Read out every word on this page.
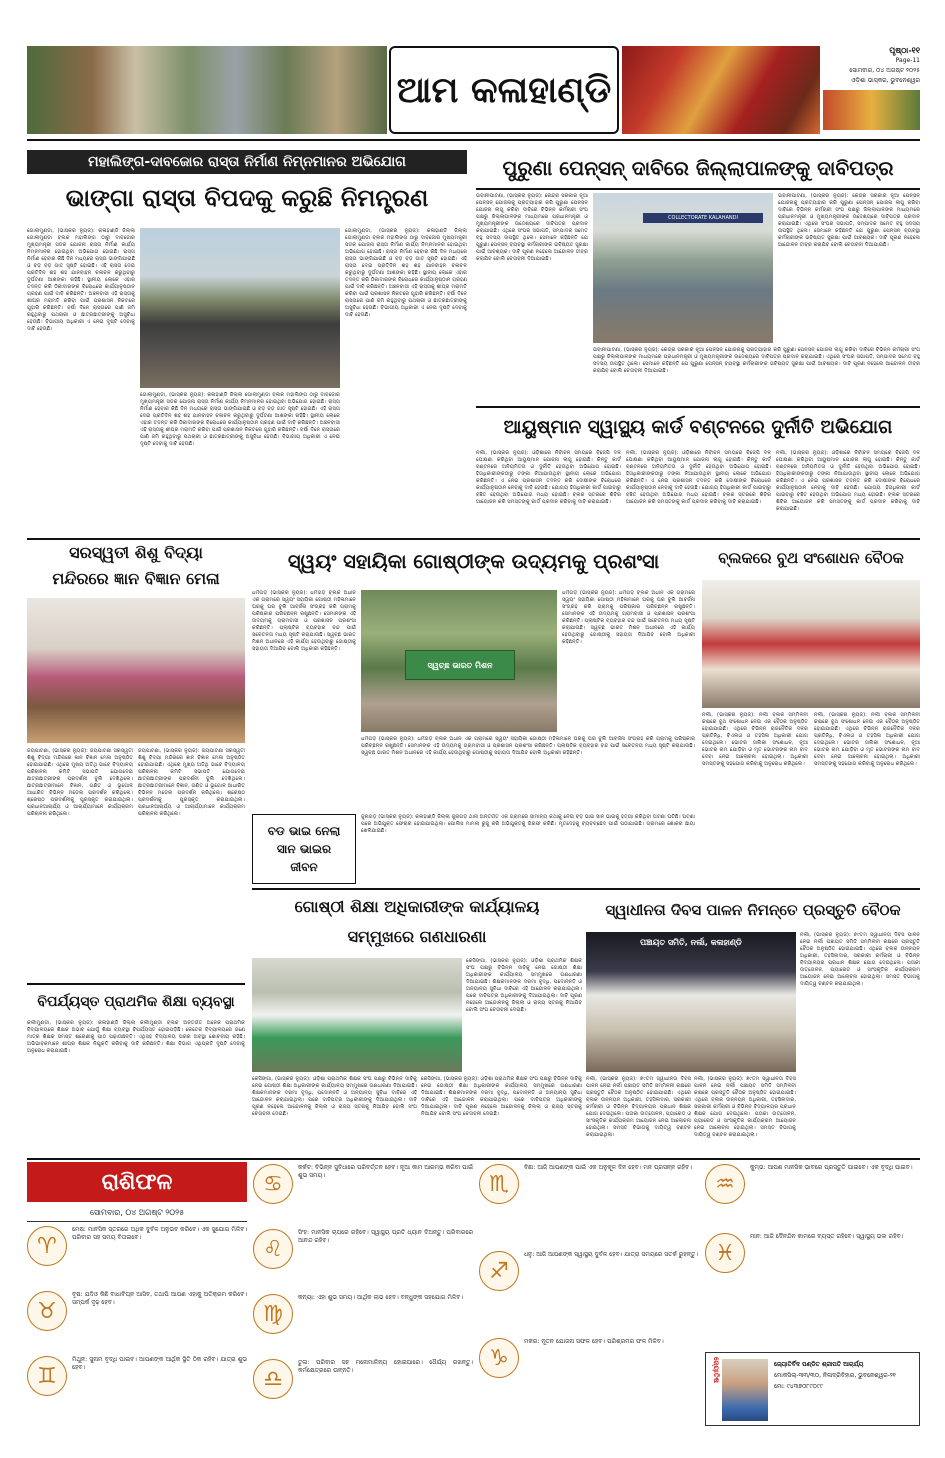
ଆମ କଳାହାଣ୍ଡି
ପୃଷ୍ଠା-୧୧
Page-11
ସୋମବାର, ୦୪ ଅଗଷ୍ଟ ୨୦୨୫
ଓଡ଼ିଶା ଭାସ୍କର, ଭୁବନେଶ୍ୱର
ମହାଲିଙ୍ଗ-ଦାବଜୋର ରାସ୍ତା ନିର୍ମାଣ ନିମ୍ନମାନର ଅଭିଯୋଗ
ଭାଙ୍ଗା ରାସ୍ତା ବିପଦକୁ କରୁଛି ନିମନ୍ତ୍ରଣ
ଗୋଲାମୁଣ୍ଡା, (ଭାସ୍କର ନ୍ୟୁଜ): କଳାହାଣ୍ଡି ଜିଲ୍ଲା ଗୋଲାମୁଣ୍ଡା ବ୍ଲକ ମହାଲିଙ୍ଗ ଠାରୁ ଦାବଜୋର ମୁଖ୍ୟମନ୍ତ୍ରୀ ସଡକ ଯୋଜନା ରାସ୍ତା ନିର୍ମାଣ କାର୍ଯ୍ୟ ନିମ୍ନମାନର ହୋଇଥିବା ଅଭିଯୋଗ ହୋଇଛି। ରାସ୍ତା ନିର୍ମାଣ ହେବାର କିଛି ଦିନ ମଧ୍ୟରେ ରାସ୍ତା ଭାଙ୍ଗିଯାଇଛି ଓ ବଡ଼ ବଡ଼ ଗାତ ସୃଷ୍ଟି ହୋଇଛି। ଏହି ରାସ୍ତା ଦେଇ ପ୍ରତିଦିନ ଶହ ଶହ ଯାନବାହନ ଚଳାଚଳ କରୁଥିବାରୁ ଦୁର୍ଘଟଣା ଆଶଙ୍କା ରହିଛି। ସ୍ଥାନୀୟ ଲୋକେ ଏହାର ତଦନ୍ତ କରି ଠିକାଦାରଙ୍କ ବିରୋଧରେ କାର୍ଯ୍ୟାନୁଷ୍ଠାନ ଗ୍ରହଣ ପାଇଁ ଦାବି କରିଛନ୍ତି। ଅଞ୍ଚଳବାସୀ ଏହି ରାସ୍ତାକୁ ଶୀଘ୍ର ମରାମତି କରିବା ପାଇଁ ପ୍ରଶାସନ ନିକଟରେ ଗୁହାରି କରିଛନ୍ତି। ବର୍ଷା ଦିନେ ରାସ୍ତାରେ ପାଣି ଜମି ରହୁଥିବାରୁ ପଥଚାରୀ ଓ ଛାତ୍ରଛାତ୍ରୀଙ୍କୁ ଅସୁବିଧା ହେଉଛି। ବିଭାଗୀୟ ଅଧିକାରୀ ଏ ନେଇ ଦୃଷ୍ଟି ଦେବାକୁ ଦାବି ହେଉଛି।
ଗୋଲାମୁଣ୍ଡା, (ଭାସ୍କର ନ୍ୟୁଜ): କଳାହାଣ୍ଡି ଜିଲ୍ଲା ଗୋଲାମୁଣ୍ଡା ବ୍ଲକ ମହାଲିଙ୍ଗ ଠାରୁ ଦାବଜୋର ମୁଖ୍ୟମନ୍ତ୍ରୀ ସଡକ ଯୋଜନା ରାସ୍ତା ନିର୍ମାଣ କାର୍ଯ୍ୟ ନିମ୍ନମାନର ହୋଇଥିବା ଅଭିଯୋଗ ହୋଇଛି। ରାସ୍ତା ନିର୍ମାଣ ହେବାର କିଛି ଦିନ ମଧ୍ୟରେ ରାସ୍ତା ଭାଙ୍ଗିଯାଇଛି ଓ ବଡ଼ ବଡ଼ ଗାତ ସୃଷ୍ଟି ହୋଇଛି। ଏହି ରାସ୍ତା ଦେଇ ପ୍ରତିଦିନ ଶହ ଶହ ଯାନବାହନ ଚଳାଚଳ କରୁଥିବାରୁ ଦୁର୍ଘଟଣା ଆଶଙ୍କା ରହିଛି। ସ୍ଥାନୀୟ ଲୋକେ ଏହାର ତଦନ୍ତ କରି ଠିକାଦାରଙ୍କ ବିରୋଧରେ କାର୍ଯ୍ୟାନୁଷ୍ଠାନ ଗ୍ରହଣ ପାଇଁ ଦାବି କରିଛନ୍ତି। ଅଞ୍ଚଳବାସୀ ଏହି ରାସ୍ତାକୁ ଶୀଘ୍ର ମରାମତି କରିବା ପାଇଁ ପ୍ରଶାସନ ନିକଟରେ ଗୁହାରି କରିଛନ୍ତି। ବର୍ଷା ଦିନେ ରାସ୍ତାରେ ପାଣି ଜମି ରହୁଥିବାରୁ ପଥଚାରୀ ଓ ଛାତ୍ରଛାତ୍ରୀଙ୍କୁ ଅସୁବିଧା ହେଉଛି। ବିଭାଗୀୟ ଅଧିକାରୀ ଏ ନେଇ ଦୃଷ୍ଟି ଦେବାକୁ ଦାବି ହେଉଛି।
ଗୋଲାମୁଣ୍ଡା, (ଭାସ୍କର ନ୍ୟୁଜ): କଳାହାଣ୍ଡି ଜିଲ୍ଲା ଗୋଲାମୁଣ୍ଡା ବ୍ଲକ ମହାଲିଙ୍ଗ ଠାରୁ ଦାବଜୋର ମୁଖ୍ୟମନ୍ତ୍ରୀ ସଡକ ଯୋଜନା ରାସ୍ତା ନିର୍ମାଣ କାର୍ଯ୍ୟ ନିମ୍ନମାନର ହୋଇଥିବା ଅଭିଯୋଗ ହୋଇଛି। ରାସ୍ତା ନିର୍ମାଣ ହେବାର କିଛି ଦିନ ମଧ୍ୟରେ ରାସ୍ତା ଭାଙ୍ଗିଯାଇଛି ଓ ବଡ଼ ବଡ଼ ଗାତ ସୃଷ୍ଟି ହୋଇଛି। ଏହି ରାସ୍ତା ଦେଇ ପ୍ରତିଦିନ ଶହ ଶହ ଯାନବାହନ ଚଳାଚଳ କରୁଥିବାରୁ ଦୁର୍ଘଟଣା ଆଶଙ୍କା ରହିଛି। ସ୍ଥାନୀୟ ଲୋକେ ଏହାର ତଦନ୍ତ କରି ଠିକାଦାରଙ୍କ ବିରୋଧରେ କାର୍ଯ୍ୟାନୁଷ୍ଠାନ ଗ୍ରହଣ ପାଇଁ ଦାବି କରିଛନ୍ତି। ଅଞ୍ଚଳବାସୀ ଏହି ରାସ୍ତାକୁ ଶୀଘ୍ର ମରାମତି କରିବା ପାଇଁ ପ୍ରଶାସନ ନିକଟରେ ଗୁହାରି କରିଛନ୍ତି। ବର୍ଷା ଦିନେ ରାସ୍ତାରେ ପାଣି ଜମି ରହୁଥିବାରୁ ପଥଚାରୀ ଓ ଛାତ୍ରଛାତ୍ରୀଙ୍କୁ ଅସୁବିଧା ହେଉଛି। ବିଭାଗୀୟ ଅଧିକାରୀ ଏ ନେଇ ଦୃଷ୍ଟି ଦେବାକୁ ଦାବି ହେଉଛି।
ପୁରୁଣା ପେନ୍ସନ୍ ଦାବିରେ ଜିଲ୍ଲାପାଳଙ୍କୁ ଦାବିପତ୍ର
COLLECTORATE KALAHANDI
ଭବାନୀପାଟଣା, (ଭାସ୍କର ନ୍ୟୁଜ): କେନ୍ଦ୍ର ସରକାର ନୂଆ ପେନ୍ସନ୍ ଯୋଜନାକୁ ପ୍ରତ୍ୟାହାର କରି ପୁରୁଣା ପେନ୍ସନ୍ ଯୋଜନା ଲାଗୁ କରିବା ଦାବିରେ ବିଭିନ୍ନ କର୍ମଚାରୀ ସଂଘ ପକ୍ଷରୁ ଜିଲ୍ଲାପାଳଙ୍କ ମାଧ୍ୟମରେ ପ୍ରଧାନମନ୍ତ୍ରୀ ଓ ମୁଖ୍ୟମନ୍ତ୍ରୀଙ୍କ ଉଦ୍ଦେଶ୍ୟରେ ଦାବିପତ୍ର ପ୍ରଦାନ କରାଯାଇଛି। ଏଥିରେ ସଂଘର ସଭାପତି, ସମ୍ପାଦକ ସମେତ ବହୁ ସଦସ୍ୟ ଉପସ୍ଥିତ ଥିଲେ। ସେମାନେ କହିଛନ୍ତି ଯେ ପୁରୁଣା ପେନ୍ସନ୍ ବ୍ୟବସ୍ଥା କର୍ମଚାରୀଙ୍କ ଭବିଷ୍ୟତ ସୁରକ୍ଷା ପାଇଁ ଆବଶ୍ୟକ। ଦାବି ପୂରଣ ନହେଲେ ଆନ୍ଦୋଳନ ତୀବ୍ର କରାଯିବ ବୋଲି ଚେତାବନୀ ଦିଆଯାଇଛି।
ଭବାନୀପାଟଣା, (ଭାସ୍କର ନ୍ୟୁଜ): କେନ୍ଦ୍ର ସରକାର ନୂଆ ପେନ୍ସନ୍ ଯୋଜନାକୁ ପ୍ରତ୍ୟାହାର କରି ପୁରୁଣା ପେନ୍ସନ୍ ଯୋଜନା ଲାଗୁ କରିବା ଦାବିରେ ବିଭିନ୍ନ କର୍ମଚାରୀ ସଂଘ ପକ୍ଷରୁ ଜିଲ୍ଲାପାଳଙ୍କ ମାଧ୍ୟମରେ ପ୍ରଧାନମନ୍ତ୍ରୀ ଓ ମୁଖ୍ୟମନ୍ତ୍ରୀଙ୍କ ଉଦ୍ଦେଶ୍ୟରେ ଦାବିପତ୍ର ପ୍ରଦାନ କରାଯାଇଛି। ଏଥିରେ ସଂଘର ସଭାପତି, ସମ୍ପାଦକ ସମେତ ବହୁ ସଦସ୍ୟ ଉପସ୍ଥିତ ଥିଲେ। ସେମାନେ କହିଛନ୍ତି ଯେ ପୁରୁଣା ପେନ୍ସନ୍ ବ୍ୟବସ୍ଥା କର୍ମଚାରୀଙ୍କ ଭବିଷ୍ୟତ ସୁରକ୍ଷା ପାଇଁ ଆବଶ୍ୟକ। ଦାବି ପୂରଣ ନହେଲେ ଆନ୍ଦୋଳନ ତୀବ୍ର କରାଯିବ ବୋଲି ଚେତାବନୀ ଦିଆଯାଇଛି।
ଭବାନୀପାଟଣା, (ଭାସ୍କର ନ୍ୟୁଜ): କେନ୍ଦ୍ର ସରକାର ନୂଆ ପେନ୍ସନ୍ ଯୋଜନାକୁ ପ୍ରତ୍ୟାହାର କରି ପୁରୁଣା ପେନ୍ସନ୍ ଯୋଜନା ଲାଗୁ କରିବା ଦାବିରେ ବିଭିନ୍ନ କର୍ମଚାରୀ ସଂଘ ପକ୍ଷରୁ ଜିଲ୍ଲାପାଳଙ୍କ ମାଧ୍ୟମରେ ପ୍ରଧାନମନ୍ତ୍ରୀ ଓ ମୁଖ୍ୟମନ୍ତ୍ରୀଙ୍କ ଉଦ୍ଦେଶ୍ୟରେ ଦାବିପତ୍ର ପ୍ରଦାନ କରାଯାଇଛି। ଏଥିରେ ସଂଘର ସଭାପତି, ସମ୍ପାଦକ ସମେତ ବହୁ ସଦସ୍ୟ ଉପସ୍ଥିତ ଥିଲେ। ସେମାନେ କହିଛନ୍ତି ଯେ ପୁରୁଣା ପେନ୍ସନ୍ ବ୍ୟବସ୍ଥା କର୍ମଚାରୀଙ୍କ ଭବିଷ୍ୟତ ସୁରକ୍ଷା ପାଇଁ ଆବଶ୍ୟକ। ଦାବି ପୂରଣ ନହେଲେ ଆନ୍ଦୋଳନ ତୀବ୍ର କରାଯିବ ବୋଲି ଚେତାବନୀ ଦିଆଯାଇଛି।
ଆୟୁଷ୍ମାନ ସ୍ୱାସ୍ଥ୍ୟ କାର୍ଡ ବଣ୍ଟନରେ ଦୁର୍ନୀତି ଅଭିଯୋଗ
ନର୍ଲା, (ଭାସ୍କର ନ୍ୟୁଜ): ଓଡ଼ିଶାରେ ନିର୍ବାଚନ ସମୟରେ ବିଜେପି ଦଳ ଘୋଷଣା କରିଥିବା ଆୟୁଷ୍ମାନ ଯୋଜନା ଲାଗୁ ହୋଇଛି। କିନ୍ତୁ କାର୍ଡ ବଣ୍ଟନରେ ଅନିୟମିତତା ଓ ଦୁର୍ନୀତି ହେଉଥିବା ଅଭିଯୋଗ ହୋଇଛି। ହିତାଧିକାରୀଙ୍କଠାରୁ ଟଙ୍କା ନିଆଯାଉଥିବା ସ୍ଥାନୀୟ ଲୋକେ ଅଭିଯୋଗ କରିଛନ୍ତି। ଏ ନେଇ ପ୍ରଶାସନ ତଦନ୍ତ କରି ଦୋଷୀଙ୍କ ବିରୋଧରେ କାର୍ଯ୍ୟାନୁଷ୍ଠାନ ନେବାକୁ ଦାବି ହେଉଛି। ଯୋଗ୍ୟ ହିତାଧିକାରୀ କାର୍ଡ ପାଇବାରୁ ବଞ୍ଚିତ ହେଉଥିବା ଅଭିଯୋଗ ମଧ୍ୟ ହୋଇଛି। ବ୍ଲକ ସ୍ତରରେ ଶିବିର ଆୟୋଜନ କରି ସମସ୍ତଙ୍କୁ କାର୍ଡ ପ୍ରଦାନ କରିବାକୁ ଦାବି କରାଯାଇଛି।
ନର୍ଲା, (ଭାସ୍କର ନ୍ୟୁଜ): ଓଡ଼ିଶାରେ ନିର୍ବାଚନ ସମୟରେ ବିଜେପି ଦଳ ଘୋଷଣା କରିଥିବା ଆୟୁଷ୍ମାନ ଯୋଜନା ଲାଗୁ ହୋଇଛି। କିନ୍ତୁ କାର୍ଡ ବଣ୍ଟନରେ ଅନିୟମିତତା ଓ ଦୁର୍ନୀତି ହେଉଥିବା ଅଭିଯୋଗ ହୋଇଛି। ହିତାଧିକାରୀଙ୍କଠାରୁ ଟଙ୍କା ନିଆଯାଉଥିବା ସ୍ଥାନୀୟ ଲୋକେ ଅଭିଯୋଗ କରିଛନ୍ତି। ଏ ନେଇ ପ୍ରଶାସନ ତଦନ୍ତ କରି ଦୋଷୀଙ୍କ ବିରୋଧରେ କାର୍ଯ୍ୟାନୁଷ୍ଠାନ ନେବାକୁ ଦାବି ହେଉଛି। ଯୋଗ୍ୟ ହିତାଧିକାରୀ କାର୍ଡ ପାଇବାରୁ ବଞ୍ଚିତ ହେଉଥିବା ଅଭିଯୋଗ ମଧ୍ୟ ହୋଇଛି। ବ୍ଲକ ସ୍ତରରେ ଶିବିର ଆୟୋଜନ କରି ସମସ୍ତଙ୍କୁ କାର୍ଡ ପ୍ରଦାନ କରିବାକୁ ଦାବି କରାଯାଇଛି।
ନର୍ଲା, (ଭାସ୍କର ନ୍ୟୁଜ): ଓଡ଼ିଶାରେ ନିର୍ବାଚନ ସମୟରେ ବିଜେପି ଦଳ ଘୋଷଣା କରିଥିବା ଆୟୁଷ୍ମାନ ଯୋଜନା ଲାଗୁ ହୋଇଛି। କିନ୍ତୁ କାର୍ଡ ବଣ୍ଟନରେ ଅନିୟମିତତା ଓ ଦୁର୍ନୀତି ହେଉଥିବା ଅଭିଯୋଗ ହୋଇଛି। ହିତାଧିକାରୀଙ୍କଠାରୁ ଟଙ୍କା ନିଆଯାଉଥିବା ସ୍ଥାନୀୟ ଲୋକେ ଅଭିଯୋଗ କରିଛନ୍ତି। ଏ ନେଇ ପ୍ରଶାସନ ତଦନ୍ତ କରି ଦୋଷୀଙ୍କ ବିରୋଧରେ କାର୍ଯ୍ୟାନୁଷ୍ଠାନ ନେବାକୁ ଦାବି ହେଉଛି। ଯୋଗ୍ୟ ହିତାଧିକାରୀ କାର୍ଡ ପାଇବାରୁ ବଞ୍ଚିତ ହେଉଥିବା ଅଭିଯୋଗ ମଧ୍ୟ ହୋଇଛି। ବ୍ଲକ ସ୍ତରରେ ଶିବିର ଆୟୋଜନ କରି ସମସ୍ତଙ୍କୁ କାର୍ଡ ପ୍ରଦାନ କରିବାକୁ ଦାବି କରାଯାଇଛି।
ସରସ୍ୱତୀ ଶିଶୁ ବିଦ୍ୟା
ମନ୍ଦିରରେ ଜ୍ଞାନ ବିଜ୍ଞାନ ମେଳା
ଜୟପାଟଣା, (ଭାସ୍କର ନ୍ୟୁଜ): ଜୟପାଟଣା ସରସ୍ୱତୀ ଶିଶୁ ବିଦ୍ୟା ମନ୍ଦିରରେ ଜ୍ଞାନ ବିଜ୍ଞାନ ମେଳା ଅନୁଷ୍ଠିତ ହୋଇଯାଇଛି। ଏଥିରେ ମୁଖ୍ୟ ଅତିଥି ଭାବେ ବିଦ୍ୟାଳୟ ପରିଚାଳନା କମିଟି ସଭାପତି ଯୋଗଦେଇ ଛାତ୍ରଛାତ୍ରୀଙ୍କ ପ୍ରଦର୍ଶନୀ ବୁଲି ଦେଖିଥିଲେ। ଛାତ୍ରଛାତ୍ରୀମାନେ ବିଜ୍ଞାନ, ଗଣିତ ଓ ଭୂଗୋଳ ଆଧାରିତ ବିଭିନ୍ନ ମଡେଲ ପ୍ରଦର୍ଶନ କରିଥିଲେ। ଶ୍ରେଷ୍ଠ ପ୍ରଦର୍ଶନୀକୁ ପୁରସ୍କୃତ କରାଯାଇଥିଲା। ପ୍ରଧାନଆଚାର୍ଯ୍ୟ ଓ ଆଚାର୍ଯ୍ୟାମାନେ କାର୍ଯ୍ୟକ୍ରମ ପରିଚାଳନା କରିଥିଲେ।
ଜୟପାଟଣା, (ଭାସ୍କର ନ୍ୟୁଜ): ଜୟପାଟଣା ସରସ୍ୱତୀ ଶିଶୁ ବିଦ୍ୟା ମନ୍ଦିରରେ ଜ୍ଞାନ ବିଜ୍ଞାନ ମେଳା ଅନୁଷ୍ଠିତ ହୋଇଯାଇଛି। ଏଥିରେ ମୁଖ୍ୟ ଅତିଥି ଭାବେ ବିଦ୍ୟାଳୟ ପରିଚାଳନା କମିଟି ସଭାପତି ଯୋଗଦେଇ ଛାତ୍ରଛାତ୍ରୀଙ୍କ ପ୍ରଦର୍ଶନୀ ବୁଲି ଦେଖିଥିଲେ। ଛାତ୍ରଛାତ୍ରୀମାନେ ବିଜ୍ଞାନ, ଗଣିତ ଓ ଭୂଗୋଳ ଆଧାରିତ ବିଭିନ୍ନ ମଡେଲ ପ୍ରଦର୍ଶନ କରିଥିଲେ। ଶ୍ରେଷ୍ଠ ପ୍ରଦର୍ଶନୀକୁ ପୁରସ୍କୃତ କରାଯାଇଥିଲା। ପ୍ରଧାନଆଚାର୍ଯ୍ୟ ଓ ଆଚାର୍ଯ୍ୟାମାନେ କାର୍ଯ୍ୟକ୍ରମ ପରିଚାଳନା କରିଥିଲେ।
ସ୍ୱୟଂ ସହାୟିକା ଗୋଷ୍ଠୀଙ୍କ ଉଦ୍ୟମକୁ ପ୍ରଶଂସା
ଧର୍ମଗଡ଼ (ଭାସ୍କର ନ୍ୟୁଜ): ଧର୍ମଗଡ଼ ବ୍ଲକ ଅଧୀନ ଏକ ଗ୍ରାମରେ ସ୍ୱୟଂ ସହାୟିକା ଗୋଷ୍ଠୀ ମହିଳାମାନେ ଘରକୁ ଘର ବୁଲି ଆବର୍ଜନା ସଂଗ୍ରହ କରି ଗ୍ରାମକୁ ପରିଷ୍କାର ପରିଚ୍ଛନ୍ନ ରଖୁଛନ୍ତି। ସେମାନଙ୍କ ଏହି ଉଦ୍ୟମକୁ ଗ୍ରାମବାସୀ ଓ ପ୍ରଶାସନ ପ୍ରଶଂସା କରିଛନ୍ତି। ପ୍ଲାଷ୍ଟିକ ବ୍ୟବହାର ବନ୍ଦ ପାଇଁ ସଚେତନତା ମଧ୍ୟ ସୃଷ୍ଟି କରାଯାଉଛି। ସ୍ୱଚ୍ଛ ଭାରତ ମିଶନ ଅଧୀନରେ ଏହି କାର୍ଯ୍ୟ ହେଉଥିବାରୁ ଗୋଷ୍ଠୀକୁ ସହାୟତା ଦିଆଯିବ ବୋଲି ଅଧିକାରୀ କହିଛନ୍ତି।
ସ୍ୱଚ୍ଛ ଭାରତ ମିଶନ
ଧର୍ମଗଡ଼ (ଭାସ୍କର ନ୍ୟୁଜ): ଧର୍ମଗଡ଼ ବ୍ଲକ ଅଧୀନ ଏକ ଗ୍ରାମରେ ସ୍ୱୟଂ ସହାୟିକା ଗୋଷ୍ଠୀ ମହିଳାମାନେ ଘରକୁ ଘର ବୁଲି ଆବର୍ଜନା ସଂଗ୍ରହ କରି ଗ୍ରାମକୁ ପରିଷ୍କାର ପରିଚ୍ଛନ୍ନ ରଖୁଛନ୍ତି। ସେମାନଙ୍କ ଏହି ଉଦ୍ୟମକୁ ଗ୍ରାମବାସୀ ଓ ପ୍ରଶାସନ ପ୍ରଶଂସା କରିଛନ୍ତି। ପ୍ଲାଷ୍ଟିକ ବ୍ୟବହାର ବନ୍ଦ ପାଇଁ ସଚେତନତା ମଧ୍ୟ ସୃଷ୍ଟି କରାଯାଉଛି। ସ୍ୱଚ୍ଛ ଭାରତ ମିଶନ ଅଧୀନରେ ଏହି କାର୍ଯ୍ୟ ହେଉଥିବାରୁ ଗୋଷ୍ଠୀକୁ ସହାୟତା ଦିଆଯିବ ବୋଲି ଅଧିକାରୀ କହିଛନ୍ତି।
ଧର୍ମଗଡ଼ (ଭାସ୍କର ନ୍ୟୁଜ): ଧର୍ମଗଡ଼ ବ୍ଲକ ଅଧୀନ ଏକ ଗ୍ରାମରେ ସ୍ୱୟଂ ସହାୟିକା ଗୋଷ୍ଠୀ ମହିଳାମାନେ ଘରକୁ ଘର ବୁଲି ଆବର୍ଜନା ସଂଗ୍ରହ କରି ଗ୍ରାମକୁ ପରିଷ୍କାର ପରିଚ୍ଛନ୍ନ ରଖୁଛନ୍ତି। ସେମାନଙ୍କ ଏହି ଉଦ୍ୟମକୁ ଗ୍ରାମବାସୀ ଓ ପ୍ରଶାସନ ପ୍ରଶଂସା କରିଛନ୍ତି। ପ୍ଲାଷ୍ଟିକ ବ୍ୟବହାର ବନ୍ଦ ପାଇଁ ସଚେତନତା ମଧ୍ୟ ସୃଷ୍ଟି କରାଯାଉଛି। ସ୍ୱଚ୍ଛ ଭାରତ ମିଶନ ଅଧୀନରେ ଏହି କାର୍ଯ୍ୟ ହେଉଥିବାରୁ ଗୋଷ୍ଠୀକୁ ସହାୟତା ଦିଆଯିବ ବୋଲି ଅଧିକାରୀ କହିଛନ୍ତି।
ବ୍ଲକରେ ବୁଥ ସଂଶୋଧନ ବୈଠକ
ନର୍ଲା, (ଭାସ୍କର ନ୍ୟୁଜ): ନର୍ଲା ବ୍ଲକ ସମ୍ମିଳନୀ କକ୍ଷରେ ବୁଥ ସଂଶୋଧନ ନେଇ ଏକ ବୈଠକ ଅନୁଷ୍ଠିତ ହୋଇଯାଇଛି। ଏଥିରେ ବିଭିନ୍ନ ରାଜନୈତିକ ଦଳର ପ୍ରତିନିଧି, ବିଏଲଓ ଓ ତହସିଲ ଅଧିକାରୀ ଯୋଗ ଦେଇଥିଲେ। ଭୋଟର ତାଲିକା ସଂଶୋଧନ, ନୂଆ ଭୋଟର ନାମ ଯୋଡ଼ିବା ଓ ମୃତ ଭୋଟରଙ୍କ ନାମ ବାଦ ଦେବା ନେଇ ଆଲୋଚନା ହୋଇଥିଲା। ଅଧିକାରୀ ସମସ୍ତଙ୍କୁ ସହଯୋଗ କରିବାକୁ ଅନୁରୋଧ କରିଥିଲେ।
ନର୍ଲା, (ଭାସ୍କର ନ୍ୟୁଜ): ନର୍ଲା ବ୍ଲକ ସମ୍ମିଳନୀ କକ୍ଷରେ ବୁଥ ସଂଶୋଧନ ନେଇ ଏକ ବୈଠକ ଅନୁଷ୍ଠିତ ହୋଇଯାଇଛି। ଏଥିରେ ବିଭିନ୍ନ ରାଜନୈତିକ ଦଳର ପ୍ରତିନିଧି, ବିଏଲଓ ଓ ତହସିଲ ଅଧିକାରୀ ଯୋଗ ଦେଇଥିଲେ। ଭୋଟର ତାଲିକା ସଂଶୋଧନ, ନୂଆ ଭୋଟର ନାମ ଯୋଡ଼ିବା ଓ ମୃତ ଭୋଟରଙ୍କ ନାମ ବାଦ ଦେବା ନେଇ ଆଲୋଚନା ହୋଇଥିଲା। ଅଧିକାରୀ ସମସ୍ତଙ୍କୁ ସହଯୋଗ କରିବାକୁ ଅନୁରୋଧ କରିଥିଲେ।
ବଡ ଭାଇ ନେଲା
ସାନ ଭାଇର
ଜୀବନ
ଜୁନାଗଡ଼ (ଭାସ୍କର ନ୍ୟୁଜ): କଳାହାଣ୍ଡି ଜିଲ୍ଲା ଜୁନାଗଡ଼ ଥାନା ଅନ୍ତର୍ଗତ ଏକ ଗ୍ରାମରେ ସାମାନ୍ୟ କଥାକୁ ନେଇ ବଡ଼ ଭାଇ ସାନ ଭାଇକୁ ହତ୍ୟା କରିଥିବା ଘଟଣା ଘଟିଛି। ଘଟଣା ପରେ ଅଭିଯୁକ୍ତ ଫେରାର ହୋଇଯାଇଥିଲା। ପୋଲିସ ମାମଲା ରୁଜୁ କରି ଅଭିଯୁକ୍ତକୁ ଗିରଫ କରିଛି। ମୃତଦେହକୁ ବ୍ୟବଚ୍ଛେଦ ପାଇଁ ପଠାଯାଇଛି। ଗ୍ରାମରେ ଶୋକର ଛାୟା ଖେଳିଯାଇଛି।
ଗୋଷ୍ଠୀ ଶିକ୍ଷା ଅଧିକାରୀଙ୍କ କାର୍ଯ୍ୟାଳୟ
ସମ୍ମୁଖରେ ଗଣଧାରଣା
କେସିଙ୍ଗା, (ଭାସ୍କର ନ୍ୟୁଜ): ଓଡ଼ିଶା ପ୍ରାଥମିକ ଶିକ୍ଷକ ସଂଘ ପକ୍ଷରୁ ବିଭିନ୍ନ ଦାବିକୁ ନେଇ ଗୋଷ୍ଠୀ ଶିକ୍ଷା ଅଧିକାରୀଙ୍କ କାର୍ଯ୍ୟାଳୟ ସମ୍ମୁଖରେ ଗଣଧାରଣା ଦିଆଯାଇଛି। ଶିକ୍ଷକମାନଙ୍କ ଦରମା ବୃଦ୍ଧି, ପଦୋନ୍ନତି ଓ ଅନ୍ୟାନ୍ୟ ସୁବିଧା ଦାବିରେ ଏହି ଆନ୍ଦୋଳନ କରାଯାଇଥିଲା। ପରେ ଦାବିପତ୍ର ଅଧିକାରୀଙ୍କୁ ଦିଆଯାଇଥିଲା। ଦାବି ପୂରଣ ନହେଲେ ଆନ୍ଦୋଳନକୁ ଜିଲ୍ଲା ଓ ରାଜ୍ୟ ସ୍ତରକୁ ନିଆଯିବ ବୋଲି ସଂଘ ଚେତାବନୀ ଦେଇଛି।
କେସିଙ୍ଗା, (ଭାସ୍କର ନ୍ୟୁଜ): ଓଡ଼ିଶା ପ୍ରାଥମିକ ଶିକ୍ଷକ ସଂଘ ପକ୍ଷରୁ ବିଭିନ୍ନ ଦାବିକୁ ନେଇ ଗୋଷ୍ଠୀ ଶିକ୍ଷା ଅଧିକାରୀଙ୍କ କାର୍ଯ୍ୟାଳୟ ସମ୍ମୁଖରେ ଗଣଧାରଣା ଦିଆଯାଇଛି। ଶିକ୍ଷକମାନଙ୍କ ଦରମା ବୃଦ୍ଧି, ପଦୋନ୍ନତି ଓ ଅନ୍ୟାନ୍ୟ ସୁବିଧା ଦାବିରେ ଏହି ଆନ୍ଦୋଳନ କରାଯାଇଥିଲା। ପରେ ଦାବିପତ୍ର ଅଧିକାରୀଙ୍କୁ ଦିଆଯାଇଥିଲା। ଦାବି ପୂରଣ ନହେଲେ ଆନ୍ଦୋଳନକୁ ଜିଲ୍ଲା ଓ ରାଜ୍ୟ ସ୍ତରକୁ ନିଆଯିବ ବୋଲି ସଂଘ ଚେତାବନୀ ଦେଇଛି।
କେସିଙ୍ଗା, (ଭାସ୍କର ନ୍ୟୁଜ): ଓଡ଼ିଶା ପ୍ରାଥମିକ ଶିକ୍ଷକ ସଂଘ ପକ୍ଷରୁ ବିଭିନ୍ନ ଦାବିକୁ ନେଇ ଗୋଷ୍ଠୀ ଶିକ୍ଷା ଅଧିକାରୀଙ୍କ କାର୍ଯ୍ୟାଳୟ ସମ୍ମୁଖରେ ଗଣଧାରଣା ଦିଆଯାଇଛି। ଶିକ୍ଷକମାନଙ୍କ ଦରମା ବୃଦ୍ଧି, ପଦୋନ୍ନତି ଓ ଅନ୍ୟାନ୍ୟ ସୁବିଧା ଦାବିରେ ଏହି ଆନ୍ଦୋଳନ କରାଯାଇଥିଲା। ପରେ ଦାବିପତ୍ର ଅଧିକାରୀଙ୍କୁ ଦିଆଯାଇଥିଲା। ଦାବି ପୂରଣ ନହେଲେ ଆନ୍ଦୋଳନକୁ ଜିଲ୍ଲା ଓ ରାଜ୍ୟ ସ୍ତରକୁ ନିଆଯିବ ବୋଲି ସଂଘ ଚେତାବନୀ ଦେଇଛି।
ସ୍ୱାଧୀନତା ଦିବସ ପାଳନ ନିମନ୍ତେ ପ୍ରସ୍ତୁତି ବୈଠକ
ପଞ୍ଚାୟତ ସମିତି, ନର୍ଲା, କଳାହାଣ୍ଡି
ନର୍ଲା, (ଭାସ୍କର ନ୍ୟୁଜ): ୭୯ତମ ସ୍ୱାଧୀନତା ଦିବସ ପାଳନ ନେଇ ନର୍ଲା ପଞ୍ଚାୟତ ସମିତି ସମ୍ମିଳନୀ କକ୍ଷରେ ପ୍ରସ୍ତୁତି ବୈଠକ ଅନୁଷ୍ଠିତ ହୋଇଯାଇଛି। ଏଥିରେ ବ୍ଲକ ଉନ୍ନୟନ ଅଧିକାରୀ, ତହସିଲଦାର, ସରକାରୀ କର୍ମଚାରୀ ଓ ବିଭିନ୍ନ ବିଦ୍ୟାଳୟର ପ୍ରଧାନ ଶିକ୍ଷକ ଯୋଗ ଦେଇଥିଲେ। ପତାକା ଉତ୍ତୋଳନ, ପ୍ୟାରେଡ ଓ ସାଂସ୍କୃତିକ କାର୍ଯ୍ୟକ୍ରମ ଆୟୋଜନ ନେଇ ଆଲୋଚନା ହୋଇଥିଲା। ସମସ୍ତ ବିଭାଗକୁ ଦାୟିତ୍ୱ ବଣ୍ଟନ କରାଯାଇଥିଲା।
ନର୍ଲା, (ଭାସ୍କର ନ୍ୟୁଜ): ୭୯ତମ ସ୍ୱାଧୀନତା ଦିବସ ପାଳନ ନେଇ ନର୍ଲା ପଞ୍ଚାୟତ ସମିତି ସମ୍ମିଳନୀ କକ୍ଷରେ ପ୍ରସ୍ତୁତି ବୈଠକ ଅନୁଷ୍ଠିତ ହୋଇଯାଇଛି। ଏଥିରେ ବ୍ଲକ ଉନ୍ନୟନ ଅଧିକାରୀ, ତହସିଲଦାର, ସରକାରୀ କର୍ମଚାରୀ ଓ ବିଭିନ୍ନ ବିଦ୍ୟାଳୟର ପ୍ରଧାନ ଶିକ୍ଷକ ଯୋଗ ଦେଇଥିଲେ। ପତାକା ଉତ୍ତୋଳନ, ପ୍ୟାରେଡ ଓ ସାଂସ୍କୃତିକ କାର୍ଯ୍ୟକ୍ରମ ଆୟୋଜନ ନେଇ ଆଲୋଚନା ହୋଇଥିଲା। ସମସ୍ତ ବିଭାଗକୁ ଦାୟିତ୍ୱ ବଣ୍ଟନ କରାଯାଇଥିଲା।
ନର୍ଲା, (ଭାସ୍କର ନ୍ୟୁଜ): ୭୯ତମ ସ୍ୱାଧୀନତା ଦିବସ ପାଳନ ନେଇ ନର୍ଲା ପଞ୍ଚାୟତ ସମିତି ସମ୍ମିଳନୀ କକ୍ଷରେ ପ୍ରସ୍ତୁତି ବୈଠକ ଅନୁଷ୍ଠିତ ହୋଇଯାଇଛି। ଏଥିରେ ବ୍ଲକ ଉନ୍ନୟନ ଅଧିକାରୀ, ତହସିଲଦାର, ସରକାରୀ କର୍ମଚାରୀ ଓ ବିଭିନ୍ନ ବିଦ୍ୟାଳୟର ପ୍ରଧାନ ଶିକ୍ଷକ ଯୋଗ ଦେଇଥିଲେ। ପତାକା ଉତ୍ତୋଳନ, ପ୍ୟାରେଡ ଓ ସାଂସ୍କୃତିକ କାର୍ଯ୍ୟକ୍ରମ ଆୟୋଜନ ନେଇ ଆଲୋଚନା ହୋଇଥିଲା। ସମସ୍ତ ବିଭାଗକୁ ଦାୟିତ୍ୱ ବଣ୍ଟନ କରାଯାଇଥିଲା।
ବିପର୍ଯ୍ୟସ୍ତ ପ୍ରାଥମିକ ଶିକ୍ଷା ବ୍ୟବସ୍ଥା
କର୍ଲାମୁଣ୍ଡା, (ଭାସ୍କର ନ୍ୟୁଜ): କଳାହାଣ୍ଡି ଜିଲ୍ଲା କର୍ଲାମୁଣ୍ଡା ବ୍ଲକ ଅନ୍ତର୍ଗତ ଅନେକ ପ୍ରାଥମିକ ବିଦ୍ୟାଳୟରେ ଶିକ୍ଷକ ଅଭାବ ଯୋଗୁଁ ଶିକ୍ଷା ବ୍ୟବସ୍ଥା ବିପର୍ଯ୍ୟସ୍ତ ହୋଇପଡ଼ିଛି। କେତେକ ବିଦ୍ୟାଳୟରେ ଜଣେ ମାତ୍ର ଶିକ୍ଷକ ସମସ୍ତ ଶ୍ରେଣୀକୁ ପାଠ ପଢ଼ାଉଛନ୍ତି। ଏଥିସହ ବିଦ୍ୟାଳୟ ଘରର ଅବସ୍ଥା ଶୋଚନୀୟ ରହିଛି। ଅଭିଭାବକମାନେ ଶୀଘ୍ର ଶିକ୍ଷକ ନିଯୁକ୍ତି କରିବାକୁ ଦାବି କରିଛନ୍ତି। ଶିକ୍ଷା ବିଭାଗ ଏଥିପ୍ରତି ଦୃଷ୍ଟି ଦେବାକୁ ଅନୁରୋଧ କରାଯାଇଛି।
ରାଶିଫଳ
ସୋମବାର, ୦୪ ଅଗଷ୍ଟ ୨୦୨୫
♈
ମେଷ: ମାନସିକ ସ୍ତରରେ ଅଧିକ ଦୁର୍ବଳ ଅନୁଭବ କରିବେ। ଏକ ସୁଯୋଗ ମିଳିବ। ପରିବାର ସହ ସମୟ ବିତାଇବେ।
♉
ବୃଷ: ଯଦିଓ କିଛି ବାଧାବିଘ୍ନ ଆସିବ, ତଥାପି ଆପଣ ଏହାକୁ ଅତିକ୍ରମ କରିବେ। ସମ୍ପର୍କ ଦୃଢ଼ ହେବ।
♊
ମିଥୁନ: ସୁନାମ ବୃଦ୍ଧି ପାଇବ। ଆପଣଙ୍କ ଆର୍ଥିକ ସ୍ଥିତି ଠିକ ରହିବ। ଯାତ୍ରା ଶୁଭ ହେବ।
♋
କର୍କଟ: ବିଭିନ୍ନ ସୁବିଧାରେ ପରିବର୍ତ୍ତନ ହେବ। ନୂଆ କାମ ଆରମ୍ଭ କରିବା ପାଇଁ ଶୁଭ ସମୟ।
♌
ସିଂହ: ମାନସିକ ଚାପରେ ରହିବେ। ସ୍ୱାସ୍ଥ୍ୟ ପ୍ରତି ଧ୍ୟାନ ଦିଅନ୍ତୁ। ପରିବାରରେ ଆନନ୍ଦ ରହିବ।
♍
କନ୍ୟା: ଏହା ଶୁଭ ସମୟ। ଆର୍ଥିକ ଲାଭ ହେବ। ବନ୍ଧୁଙ୍କ ସହଯୋଗ ମିଳିବ।
♎
ତୁଳା: ପରିବାର ସହ ମନୋମାଳିନ୍ୟ ହୋଇପାରେ। ଧୈର୍ଯ୍ୟ ରଖନ୍ତୁ। କର୍ମକ୍ଷେତ୍ରରେ ଉନ୍ନତି।
♏
ବିଛା: ଆଜି ଆପଣଙ୍କ ପାଇଁ ଏକ ଅନୁକୂଳ ଦିନ ହେବ। ମନ ପ୍ରସନ୍ନ ରହିବ।
♐
ଧନୁ: ଆଜି ଆପଣଙ୍କ ସ୍ୱାସ୍ଥ୍ୟ ଦୁର୍ବଳ ହେବ। ଯାତ୍ରା ସମୟରେ ସତର୍କ ରୁହନ୍ତୁ।
♑
ମକର: ନୂତନ ଯୋଜନା ସଫଳ ହେବ। ପରିଶ୍ରମର ଫଳ ମିଳିବ।
♒
କୁମ୍ଭ: ଆପଣ ମାନସିକ ଭାବରେ ପ୍ରସ୍ତୁତି ପାଇବେ। ଏକ ବୃଦ୍ଧି ପାଇବ।
♓
ମୀନ: ଆଜି ଦୈନନ୍ଦିନ କାମରେ ବ୍ୟସ୍ତ ରହିବେ। ସ୍ୱାସ୍ଥ୍ୟ ଭଲ ରହିବ।
ଜ୍ୟୋତିଷ	ଜ୍ୟୋତିର୍ବିଦ ପଣ୍ଡିତ ଶ୍ରୀପତି ଆଚାର୍ଯ୍ୟ
ମୋକସିଲ୍-୩୩/୩୦, ନିଳାଦ୍ରିବିହାର, ଭୁବନେଶ୍ୱର-୨୧
ମୋ: ୯୪୩୭୦୮୯୦୯୯
